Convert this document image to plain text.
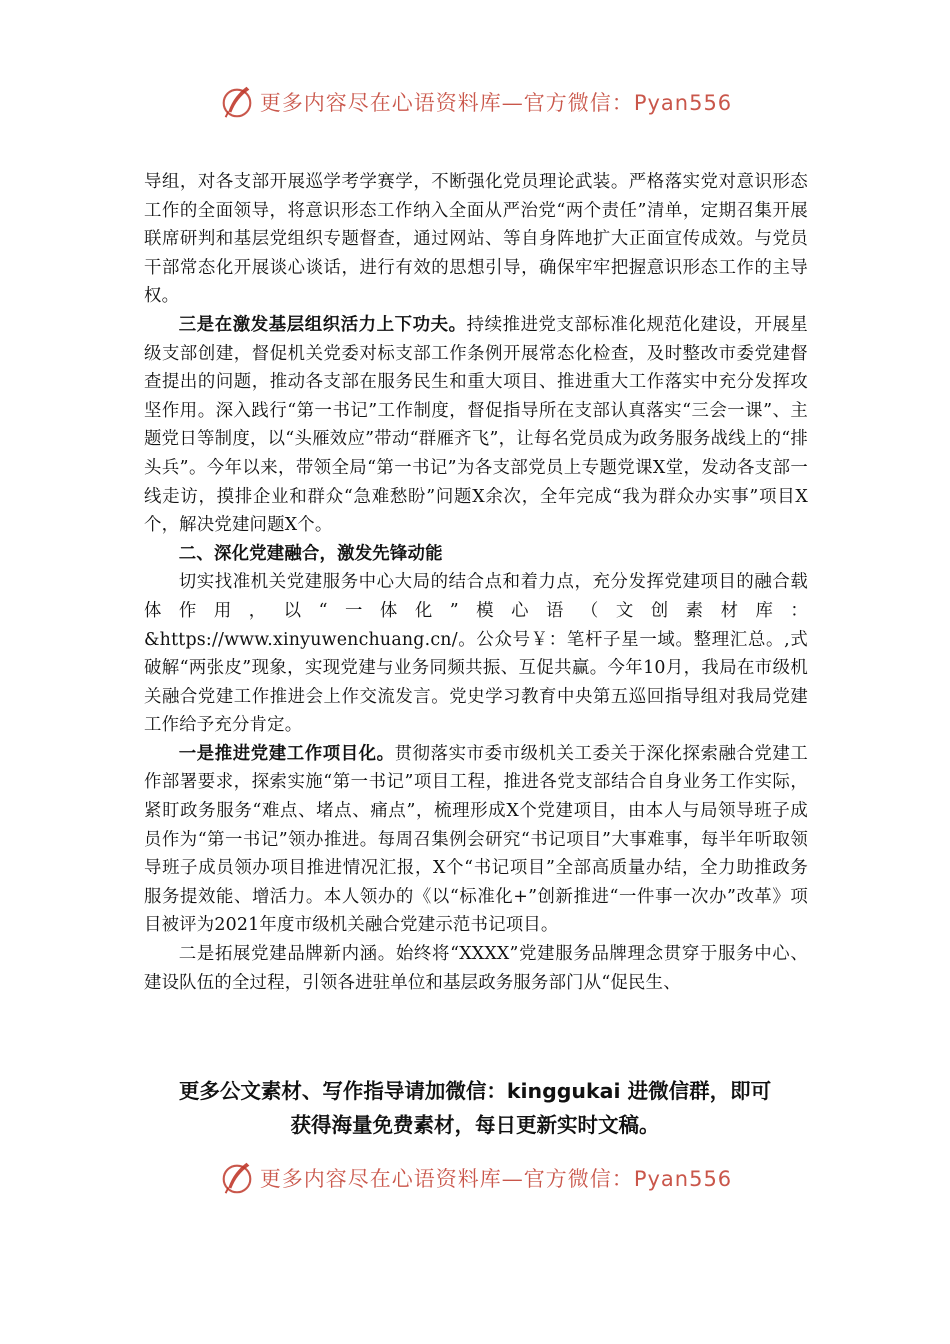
更多内容尽在心语资料库—官方微信：Pyan556

导组，对各支部开展巡学考学赛学，不断强化党员理论武装。严格落实党对意识形态工作的全面领导，将意识形态工作纳入全面从严治党“两个责任”清单，定期召集开展联席研判和基层党组织专题督查，通过网站、等自身阵地扩大正面宣传成效。与党员干部常态化开展谈心谈话，进行有效的思想引导，确保牢牢把握意识形态工作的主导权。

三是在激发基层组织活力上下功夫。持续推进党支部标准化规范化建设，开展星级支部创建，督促机关党委对标支部工作条例开展常态化检查，及时整改市委党建督查提出的问题，推动各支部在服务民生和重大项目、推进重大工作落实中充分发挥攻坚作用。深入践行“第一书记”工作制度，督促指导所在支部认真落实“三会一课”、主题党日等制度，以“头雁效应”带动“群雁齐飞”，让每名党员成为政务服务战线上的“排头兵”。今年以来，带领全局“第一书记”为各支部党员上专题党课X堂，发动各支部一线走访，摸排企业和群众“急难愁盼”问题X余次，全年完成“我为群众办实事”项目X个，解决党建问题X个。

二、深化党建融合，激发先锋动能

切实找准机关党建服务中心大局的结合点和着力点，充分发挥党建项目的融合载体作用，以“一体化”模心语（文创素材库：&https://www.xinyuwenchuang.cn/。公众号￥：笔杆子星一域。整理汇总。,式破解“两张皮”现象，实现党建与业务同频共振、互促共赢。今年10月，我局在市级机关融合党建工作推进会上作交流发言。党史学习教育中央第五巡回指导组对我局党建工作给予充分肯定。

一是推进党建工作项目化。贯彻落实市委市级机关工委关于深化探索融合党建工作部署要求，探索实施“第一书记”项目工程，推进各党支部结合自身业务工作实际，紧盯政务服务“难点、堵点、痛点”，梳理形成X个党建项目，由本人与局领导班子成员作为“第一书记”领办推进。每周召集例会研究“书记项目”大事难事，每半年听取领导班子成员领办项目推进情况汇报，X个“书记项目”全部高质量办结，全力助推政务服务提效能、增活力。本人领办的《以“标准化+”创新推进“一件事一次办”改革》项目被评为2021年度市级机关融合党建示范书记项目。

二是拓展党建品牌新内涵。始终将“XXXX”党建服务品牌理念贯穿于服务中心、建设队伍的全过程，引领各进驻单位和基层政务服务部门从“促民生、

更多公文素材、写作指导请加微信：kinggukai 进微信群，即可
获得海量免费素材，每日更新实时文稿。
更多内容尽在心语资料库—官方微信：Pyan556
